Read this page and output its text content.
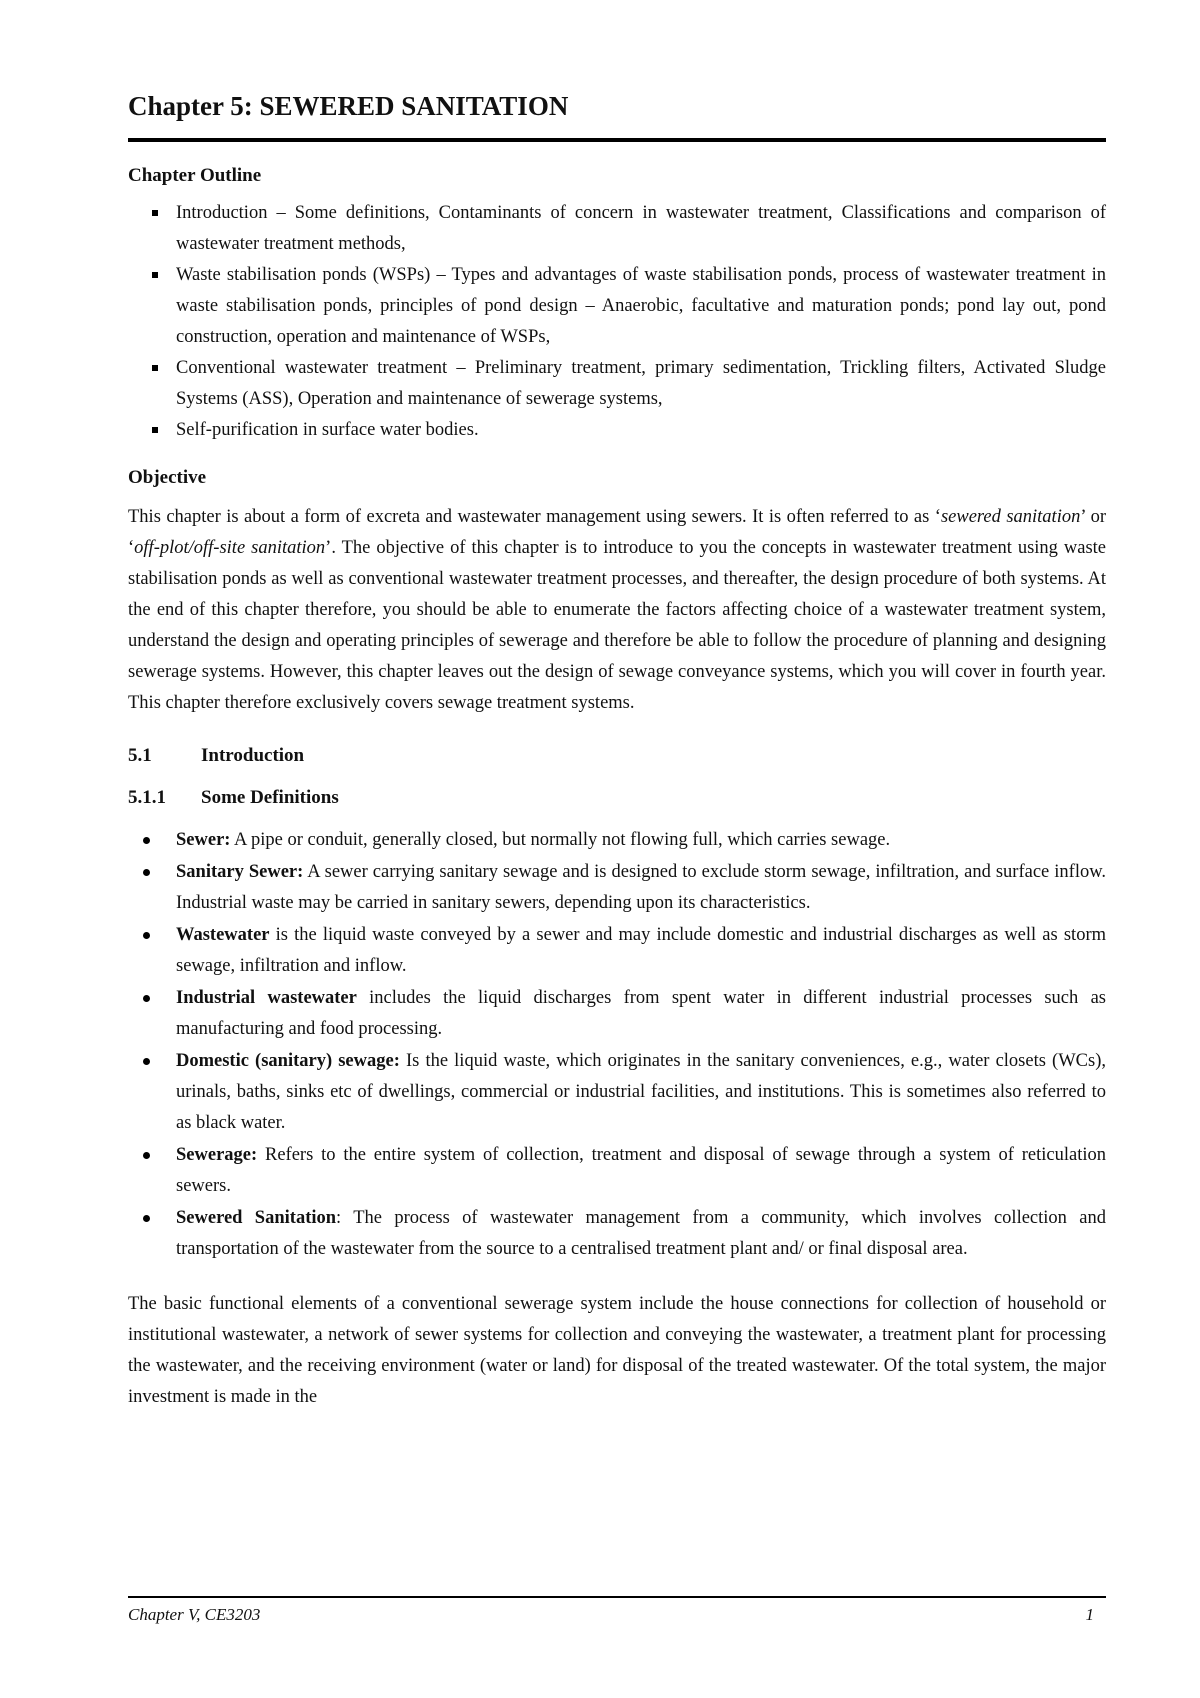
Chapter 5: SEWERED SANITATION
Chapter Outline
Introduction – Some definitions, Contaminants of concern in wastewater treatment, Classifications and comparison of wastewater treatment methods,
Waste stabilisation ponds (WSPs) – Types and advantages of waste stabilisation ponds, process of wastewater treatment in waste stabilisation ponds, principles of pond design – Anaerobic, facultative and maturation ponds; pond lay out, pond construction, operation and maintenance of WSPs,
Conventional wastewater treatment – Preliminary treatment, primary sedimentation, Trickling filters, Activated Sludge Systems (ASS), Operation and maintenance of sewerage systems,
Self-purification in surface water bodies.
Objective

This chapter is about a form of excreta and wastewater management using sewers. It is often referred to as ‘sewered sanitation’ or ‘off-plot/off-site sanitation’. The objective of this chapter is to introduce to you the concepts in wastewater treatment using waste stabilisation ponds as well as conventional wastewater treatment processes, and thereafter, the design procedure of both systems. At the end of this chapter therefore, you should be able to enumerate the factors affecting choice of a wastewater treatment system, understand the design and operating principles of sewerage and therefore be able to follow the procedure of planning and designing sewerage systems. However, this chapter leaves out the design of sewage conveyance systems, which you will cover in fourth year. This chapter therefore exclusively covers sewage treatment systems.

5.1	Introduction
5.1.1 Some Definitions
Sewer: A pipe or conduit, generally closed, but normally not flowing full, which carries sewage.
Sanitary Sewer: A sewer carrying sanitary sewage and is designed to exclude storm sewage, infiltration, and surface inflow. Industrial waste may be carried in sanitary sewers, depending upon its characteristics.
Wastewater is the liquid waste conveyed by a sewer and may include domestic and industrial discharges as well as storm sewage, infiltration and inflow.
Industrial wastewater includes the liquid discharges from spent water in different industrial processes such as manufacturing and food processing.
Domestic (sanitary) sewage: Is the liquid waste, which originates in the sanitary conveniences, e.g., water closets (WCs), urinals, baths, sinks etc of dwellings, commercial or industrial facilities, and institutions. This is sometimes also referred to as black water.
Sewerage: Refers to the entire system of collection, treatment and disposal of sewage through a system of reticulation sewers.
Sewered Sanitation: The process of wastewater management from a community, which involves collection and transportation of the wastewater from the source to a centralised treatment plant and/ or final disposal area.

The basic functional elements of a conventional sewerage system include the house connections for collection of household or institutional wastewater, a network of sewer systems for collection and conveying the wastewater, a treatment plant for processing the wastewater, and the receiving environment (water or land) for disposal of the treated wastewater. Of the total system, the major investment is made in the

Chapter V, CE3203	1
